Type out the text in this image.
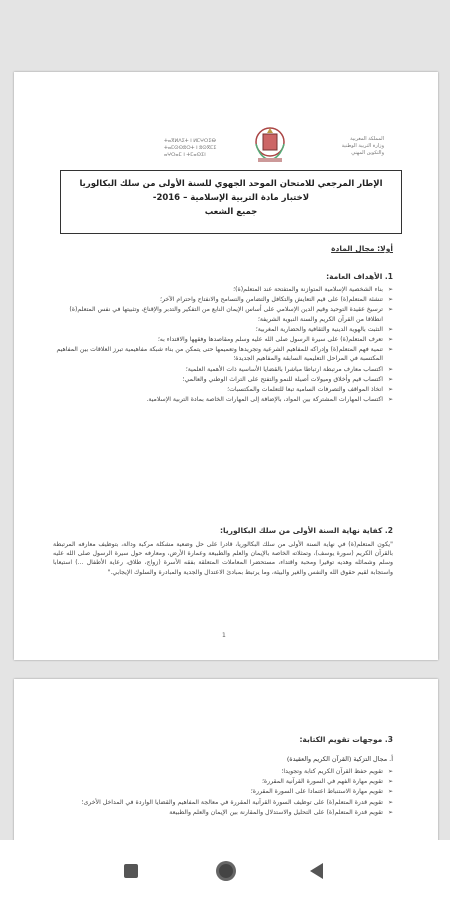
المملكة المغربية
وزارة التربية الوطنية
والتكوين المهني
ⵜⴰⴳⵍⴷⵉⵜ ⵏ ⵍⵎⵖⵔⵉⴱ
ⵜⴰⵎⵙⵙⵓⵔⵜ ⵏ ⵓⵙⴳⵎⵉ
ⴰⵖⵔⴰⵎ ⵏ ⵜⵎⴰⵙⵉⵏ
الإطار المرجعي للامتحان الموحد الجهوي للسنة الأولى من سلك البكالوريا
لاختبار مادة التربية الإسلامية – 2016-
جميع الشعب
أولا: مجال المادة
1. الأهداف العامة:
➢ بناء الشخصية الإسلامية المتوازنة والمتفتحة عند المتعلم(ة)؛
➢ تنشئة المتعلم(ة) على قيم التعايش والتكافل والتضامن والتسامح والانفتاح واحترام الآخر؛
➢ ترسيخ عقيدة التوحيد وقيم الدين الإسلامي على أساس الإيمان النابع من التفكير والتدبر والإقناع، وتثبيتها في نفس المتعلم(ة) انطلاقا من القرآن الكريم والسنة النبوية الشريفة؛
➢ التثبت بالهوية الدينية والثقافية والحضارية المغربية؛
➢ تعرف المتعلم(ة) على سيرة الرسول صلى الله عليه وسلم ومقاصدها وفقهها والاقتداء به؛
➢ تنمية فهم المتعلم(ة) وإدراكه للمفاهيم الشرعية وتجريدها وتعميمها حتى يتمكن من بناء شبكة مفاهيمية تبرز العلاقات بين المفاهيم المكتسبة في المراحل التعليمية السابقة والمفاهيم الجديدة؛
➢ اكتساب معارف مرتبطة ارتباطا مباشرا بالقضايا الأساسية ذات الأهمية العلمية؛
➢ اكتساب قيم وأخلاق وميولات أصيلة للنمو والتفتح على التراث الوطني والعالمي؛
➢ اتخاذ المواقف والتصرفات السامية تبعا للتعلمات والمكتسبات؛
➢ اكتساب المهارات المشتركة بين المواد، بالإضافة إلى المهارات الخاصة بمادة التربية الإسلامية.
2. كفاية نهاية السنة الأولى من سلك البكالوريا:
"يكون المتعلم(ة) في نهاية السنة الأولى من سلك البكالوريا، قادرا على حل وضعية مشكلة مركبة ودالة، بتوظيف معارفه المرتبطة بالقرآن الكريم (سورة يوسف)، وتمثلاته الخاصة بالإيمان والعلم والطبيعة وعمارة الأرض، ومعارفه حول سيرة الرسول صلى الله عليه وسلم وشمائله وهديه توقيرا ومحبة واقتداء، مستحضرا المعاملات المتعلقة بفقه الأسرة (زواج، طلاق، رعاية الأطفال ...) استيعابا واستجابة لقيم حقوق الله والنفس والغير والبيئة، وما يرتبط بمبادئ الاعتدال والجدية والمبادرة والسلوك الإيجابي."
1
3. موجهات تقويم الكتابة:
أ. مجال التزكية (القرآن الكريم والعقيدة)
➢ تقويم حفظ القرآن الكريم كتابة وتجويدا؛
➢ تقويم مهارة الفهم في السورة القرآنية المقررة؛
➢ تقويم مهارة الاستنباط اعتمادا على السورة المقررة؛
➢ تقويم قدرة المتعلم(ة) على توظيف السورة القرآنية المقررة في معالجة المفاهيم والقضايا الواردة في المداخل الأخرى؛
➢ تقويم قدرة المتعلم(ة) على التحليل والاستدلال والمقارنة بين الإيمان والعلم والطبيعة
